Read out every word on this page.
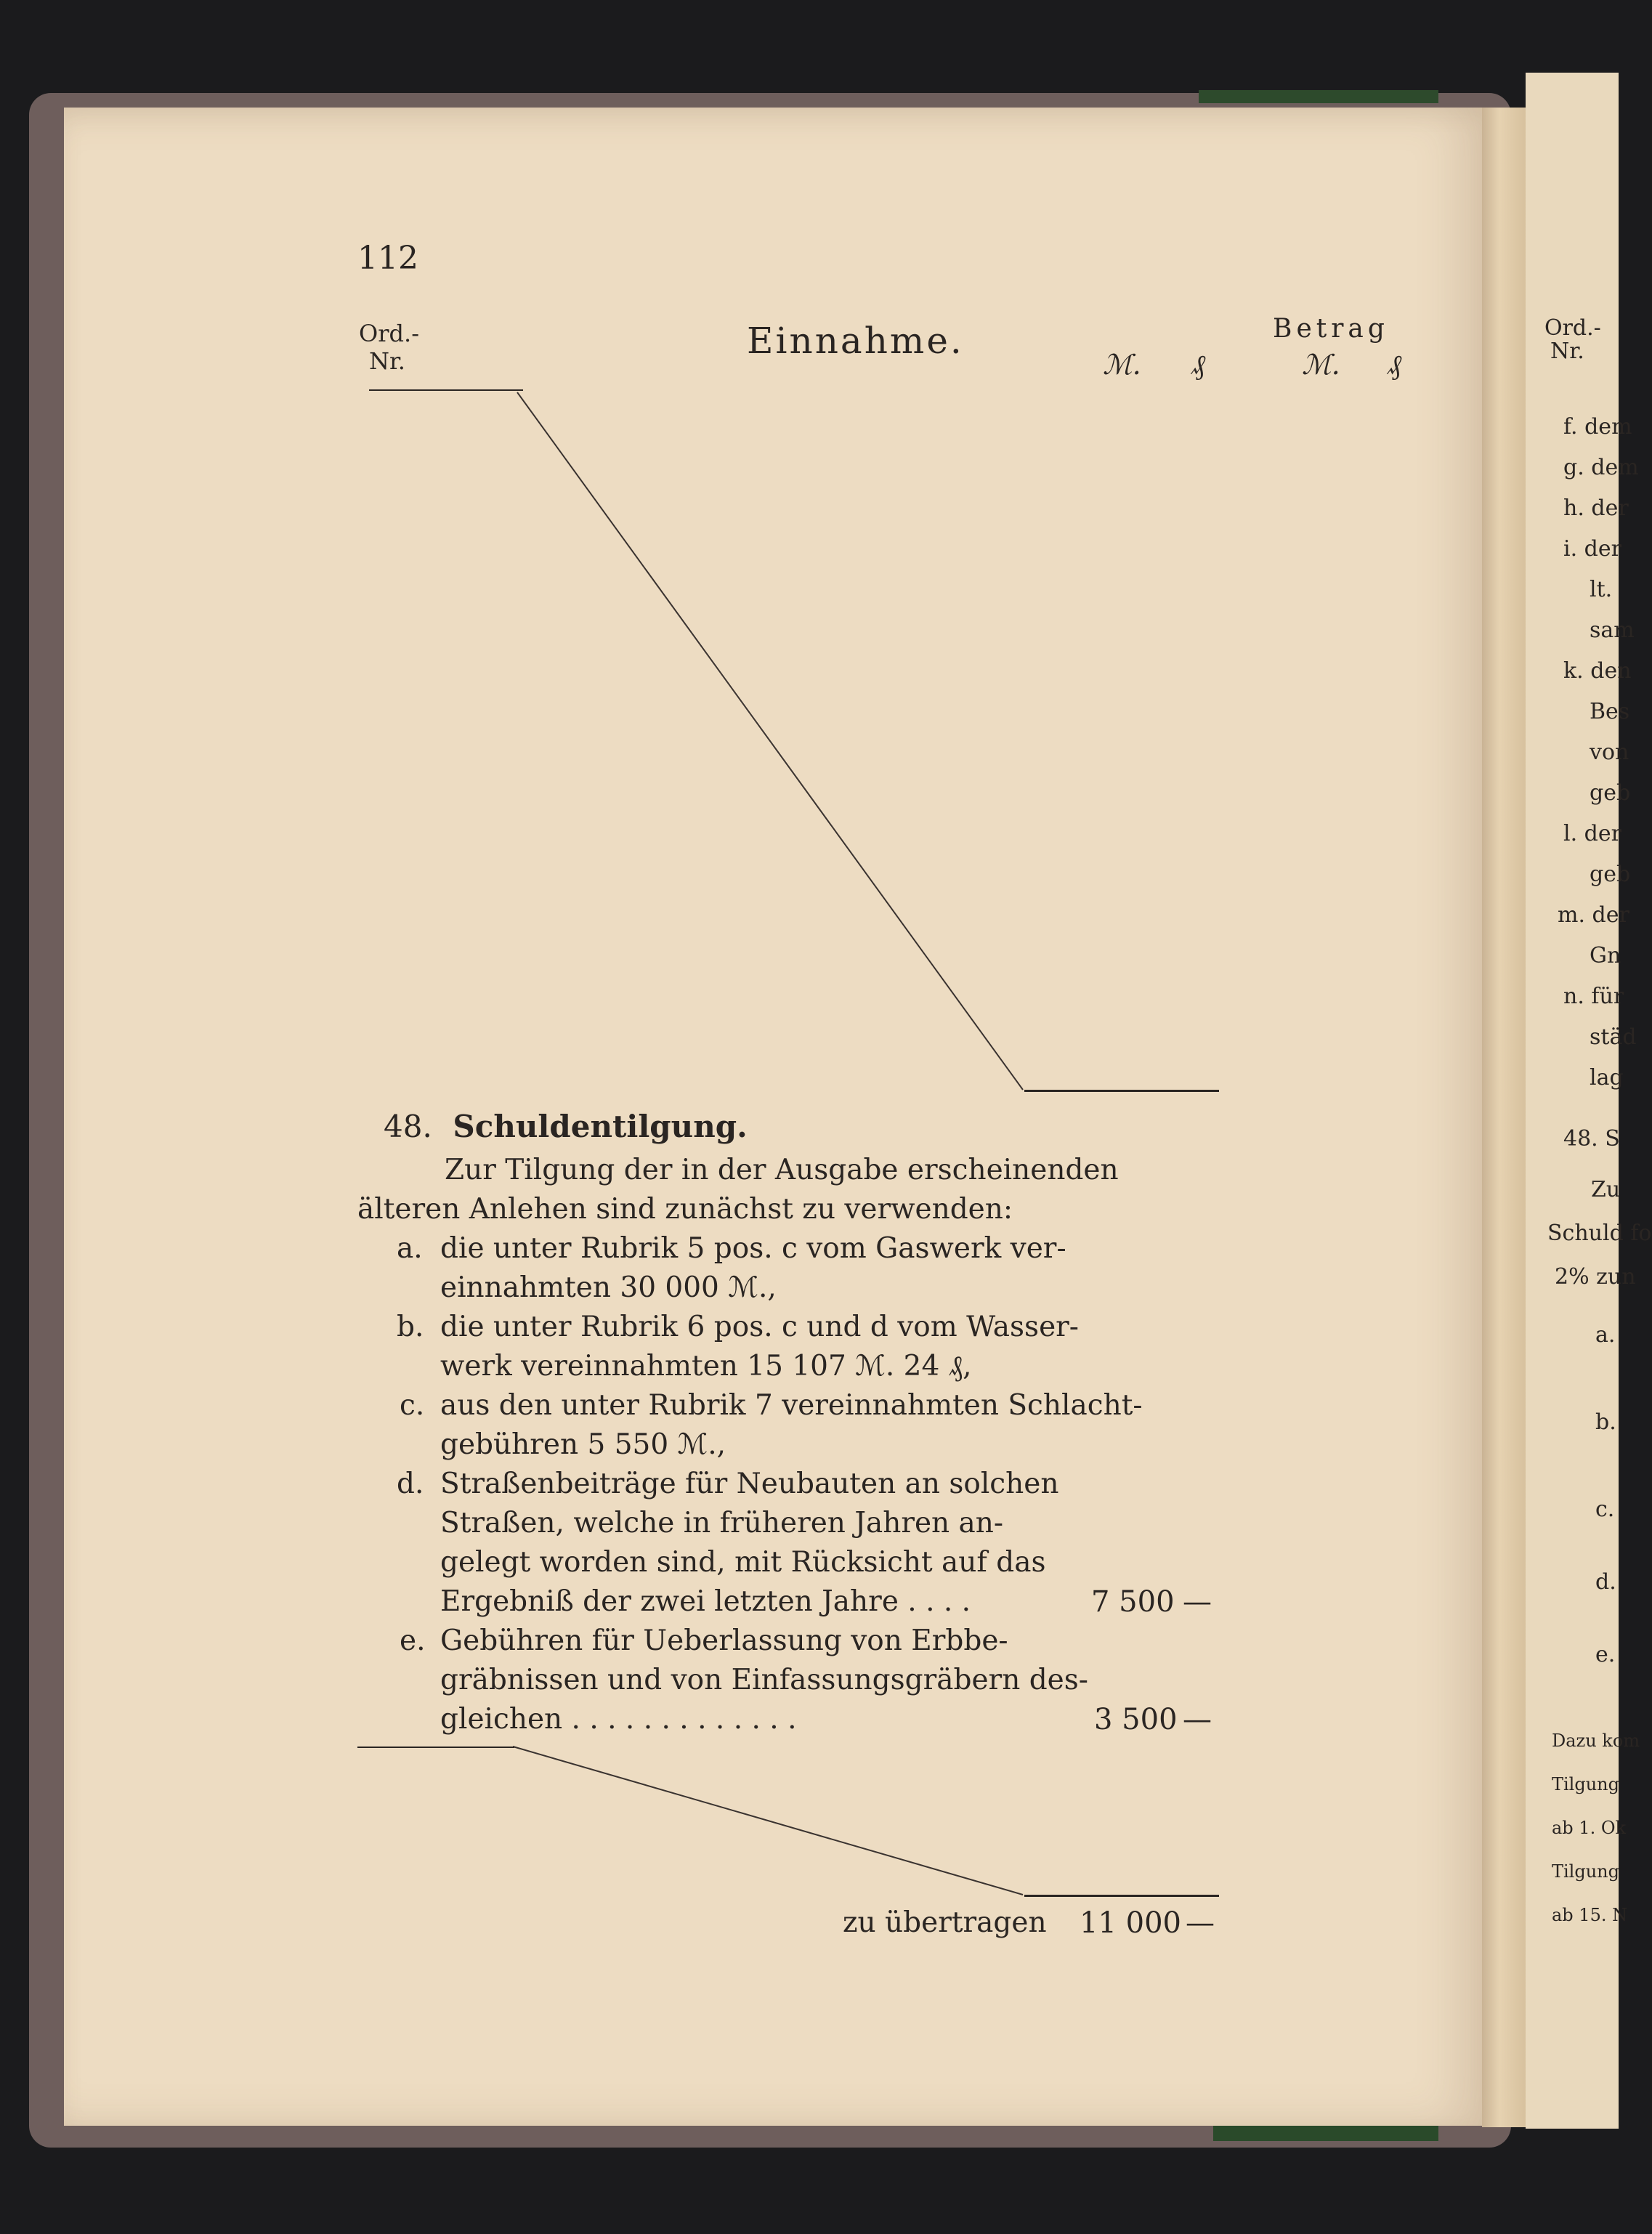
112
Ord.-
Nr.	Einnahme.	Betrag
ℳ. ₰	ℳ. ₰
48. Schuldentilgung.
Zur Tilgung der in der Ausgabe erscheinenden
älteren Anlehen sind zunächst zu verwenden:
a. die unter Rubrik 5 pos. c vom Gaswerk ver-
einnahmten 30 000 ℳ.,
b. die unter Rubrik 6 pos. c und d vom Wasser-
werk vereinnahmten 15 107 ℳ. 24 ₰,
c. aus den unter Rubrik 7 vereinnahmten Schlacht-
gebühren 5 550 ℳ.,
d. Straßenbeiträge für Neubauten an solchen
Straßen, welche in früheren Jahren an-
gelegt worden sind, mit Rücksicht auf das
Ergebniß der zwei letzten Jahre . . . .	7 500 —
e. Gebühren für Ueberlassung von Erbbe-
gräbnissen und von Einfassungsgräbern des-
gleichen . . . . . . . . . . . . .	3 500 —
zu übertragen 11 000 —
Ord.-
Nr.
f. dem
g. dem
h. der
i. der
lt.
sam
k. den
Bes
von
geb
l. der
geb
m. der
Gn
n. für
städ
lag
48. S
Zu
Schuld fo
2% zun
a.
b.
c.
d.
e.
Dazu kom
Tilgung
ab 1. Ok
Tilgung
ab 15. N
